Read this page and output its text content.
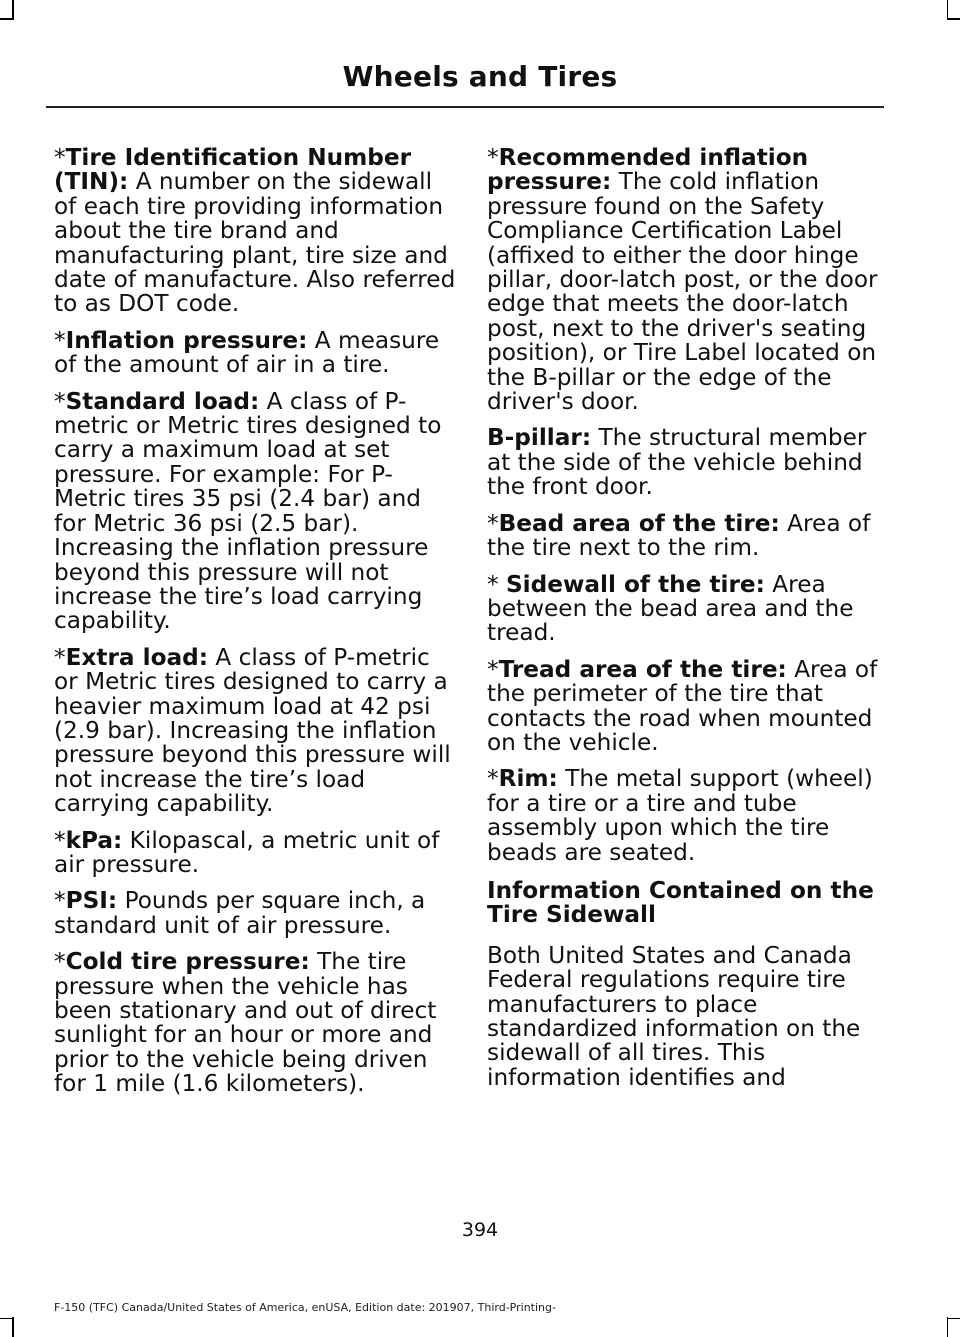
Wheels and Tires

*Tire Identification Number (TIN): A number on the sidewall of each tire providing information about the tire brand and manufacturing plant, tire size and date of manufacture. Also referred to as DOT code.

*Inflation pressure: A measure of the amount of air in a tire.

*Standard load: A class of P-metric or Metric tires designed to carry a maximum load at set pressure. For example: For P-Metric tires 35 psi (2.4 bar) and for Metric 36 psi (2.5 bar). Increasing the inflation pressure beyond this pressure will not increase the tire’s load carrying capability.

*Extra load: A class of P-metric or Metric tires designed to carry a heavier maximum load at 42 psi (2.9 bar). Increasing the inflation pressure beyond this pressure will not increase the tire’s load carrying capability.

*kPa: Kilopascal, a metric unit of air pressure.

*PSI: Pounds per square inch, a standard unit of air pressure.

*Cold tire pressure: The tire pressure when the vehicle has been stationary and out of direct sunlight for an hour or more and prior to the vehicle being driven for 1 mile (1.6 kilometers).

*Recommended inflation pressure: The cold inflation pressure found on the Safety Compliance Certification Label (affixed to either the door hinge pillar, door-latch post, or the door edge that meets the door-latch post, next to the driver's seating position), or Tire Label located on the B-pillar or the edge of the driver's door.

B-pillar: The structural member at the side of the vehicle behind the front door.

*Bead area of the tire: Area of the tire next to the rim.

* Sidewall of the tire: Area between the bead area and the tread.

*Tread area of the tire: Area of the perimeter of the tire that contacts the road when mounted on the vehicle.

*Rim: The metal support (wheel) for a tire or a tire and tube assembly upon which the tire beads are seated.

Information Contained on the Tire Sidewall

Both United States and Canada Federal regulations require tire manufacturers to place standardized information on the sidewall of all tires. This information identifies and

394
F-150 (TFC) Canada/United States of America, enUSA, Edition date: 201907, Third-Printing-
